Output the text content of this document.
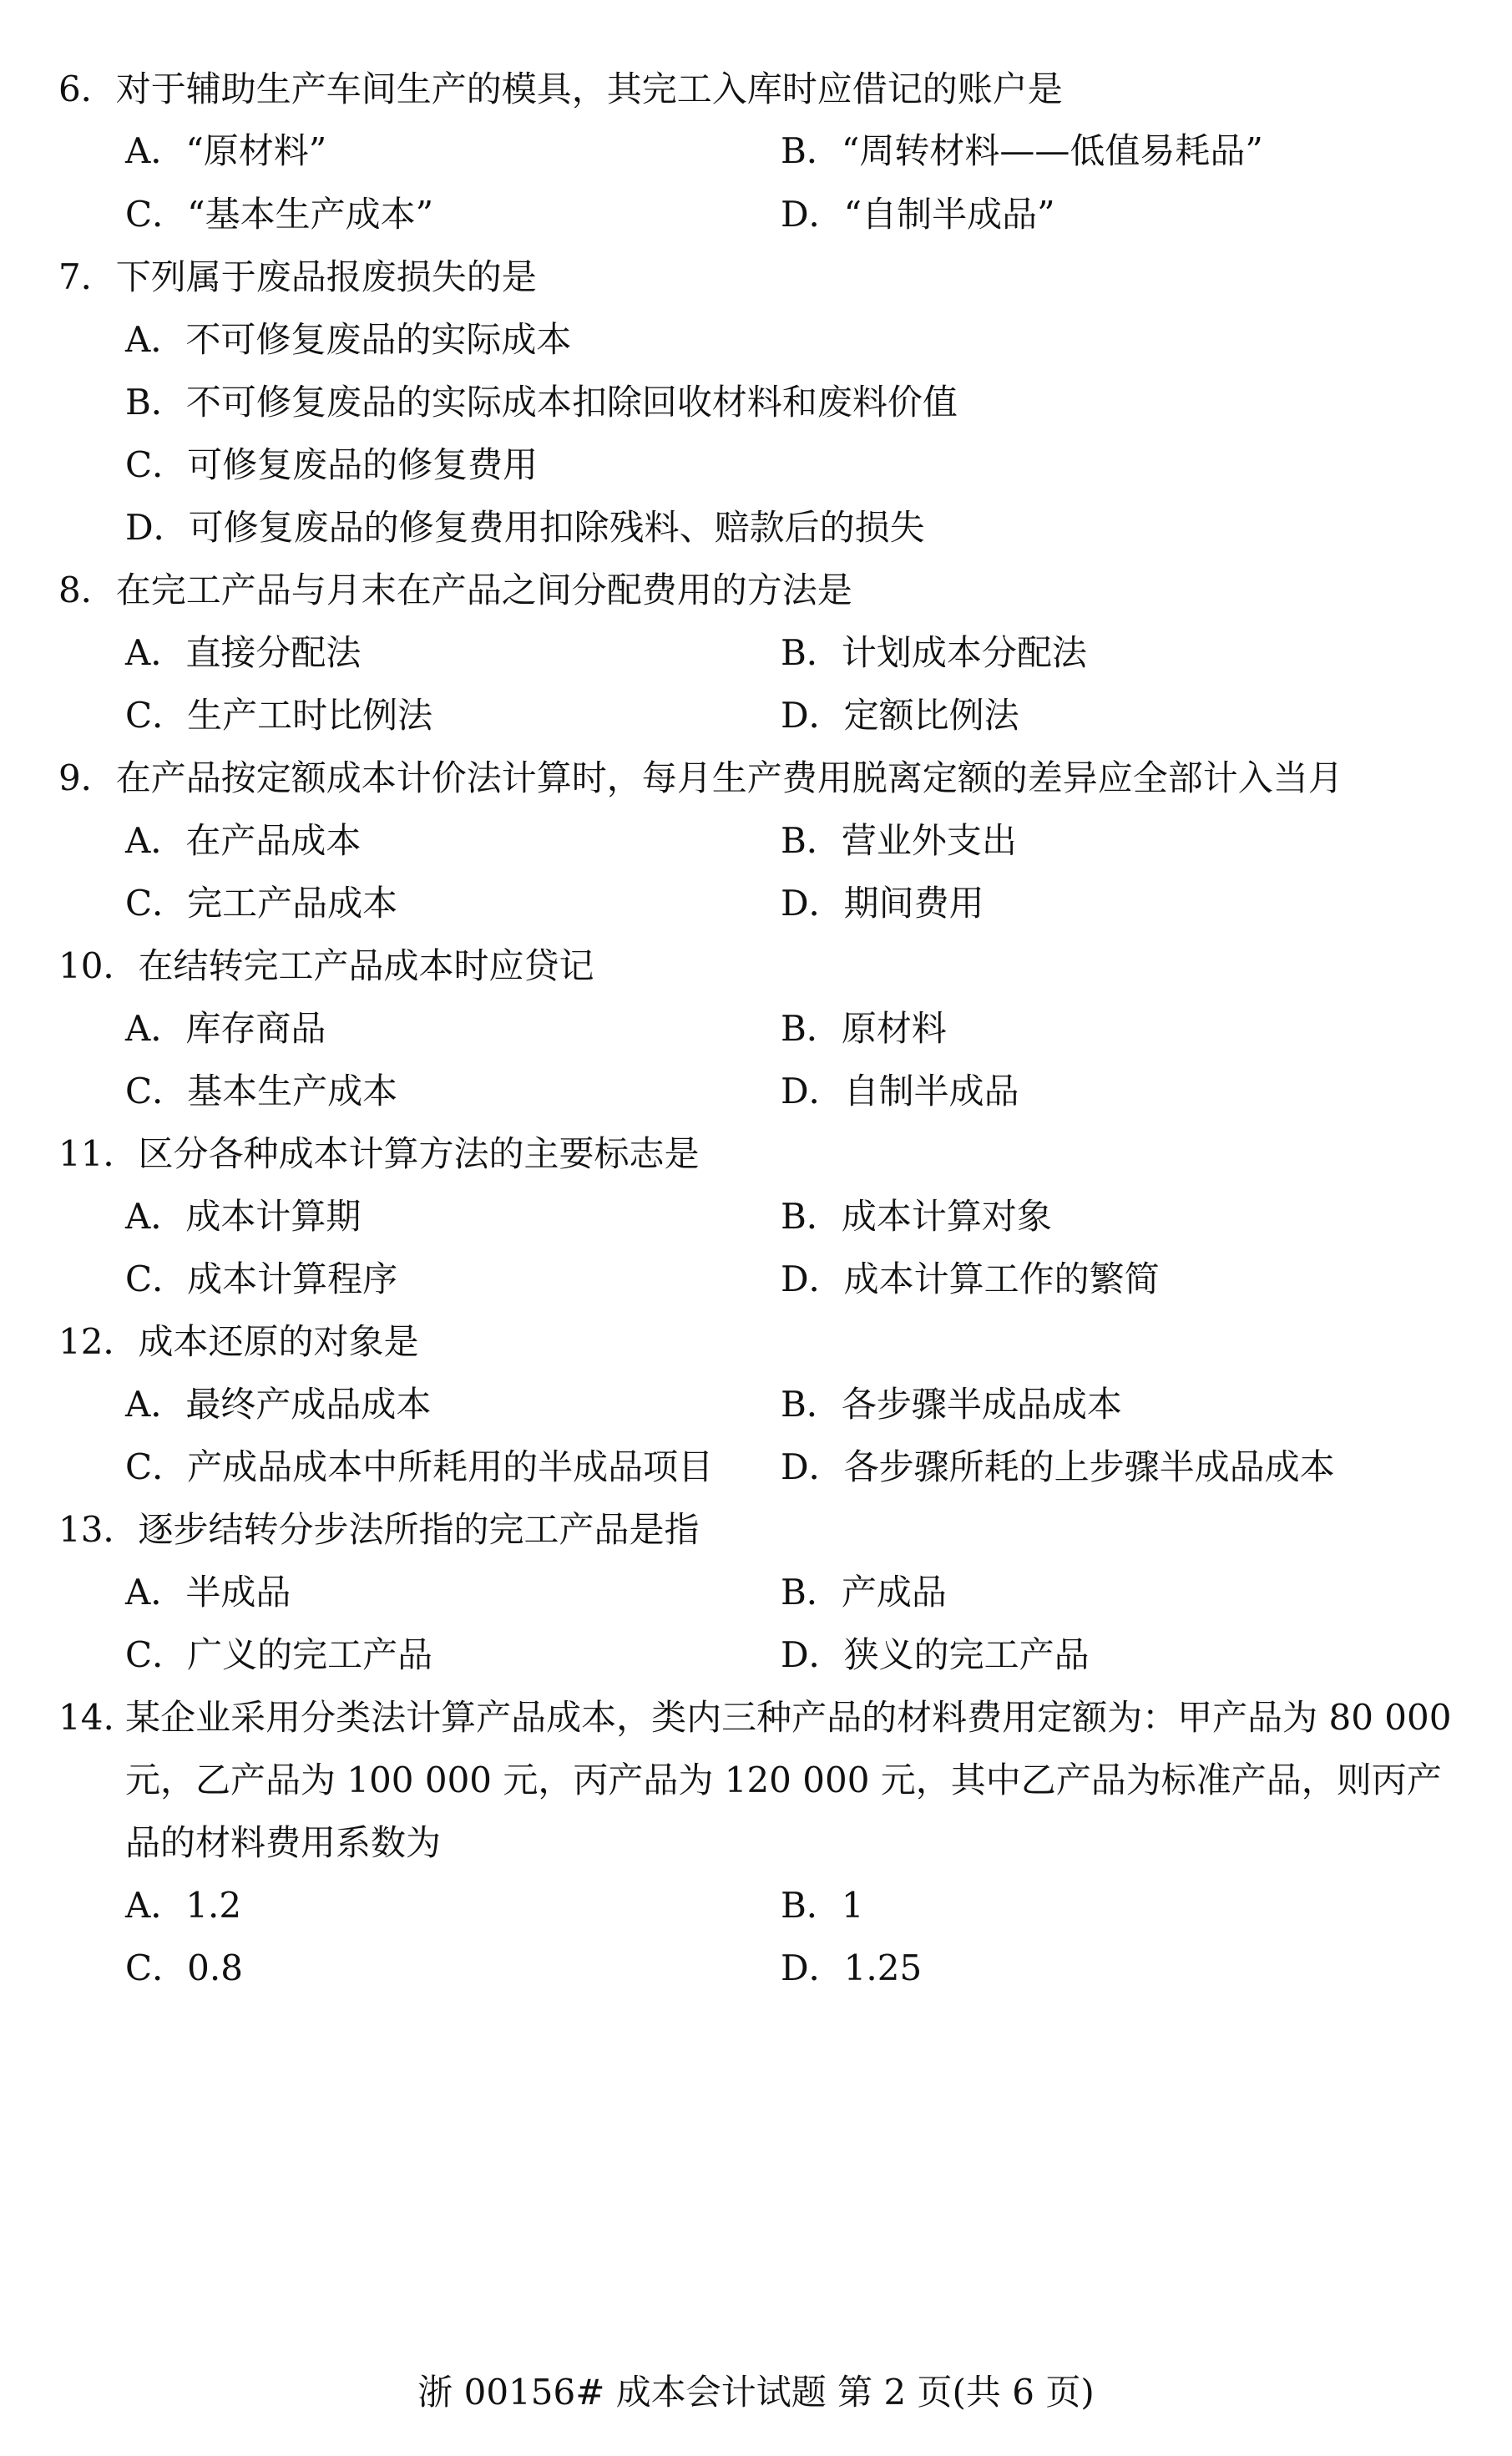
6．对于辅助生产车间生产的模具，其完工入库时应借记的账户是
A．“原材料”	B．“周转材料——低值易耗品”
C．“基本生产成本”	D．“自制半成品”
7．下列属于废品报废损失的是
A．不可修复废品的实际成本
B．不可修复废品的实际成本扣除回收材料和废料价值
C．可修复废品的修复费用
D．可修复废品的修复费用扣除残料、赔款后的损失
8．在完工产品与月末在产品之间分配费用的方法是
A．直接分配法	B．计划成本分配法
C．生产工时比例法	D．定额比例法
9．在产品按定额成本计价法计算时，每月生产费用脱离定额的差异应全部计入当月
A．在产品成本	B．营业外支出
C．完工产品成本	D．期间费用
10．在结转完工产品成本时应贷记
A．库存商品	B．原材料
C．基本生产成本	D．自制半成品
11．区分各种成本计算方法的主要标志是
A．成本计算期	B．成本计算对象
C．成本计算程序	D．成本计算工作的繁简
12．成本还原的对象是
A．最终产成品成本	B．各步骤半成品成本
C．产成品成本中所耗用的半成品项目 D．各步骤所耗的上步骤半成品成本
13．逐步结转分步法所指的完工产品是指
A．半成品	B．产成品
C．广义的完工产品	D．狭义的完工产品
14. 某企业采用分类法计算产品成本，类内三种产品的材料费用定额为：甲产品为 80 000
元，乙产品为 100 000 元，丙产品为 120 000 元，其中乙产品为标准产品，则丙产
品的材料费用系数为
A．1.2	B．1
C．0.8	D．1.25
浙 00156# 成本会计试题 第 2 页(共 6 页)
